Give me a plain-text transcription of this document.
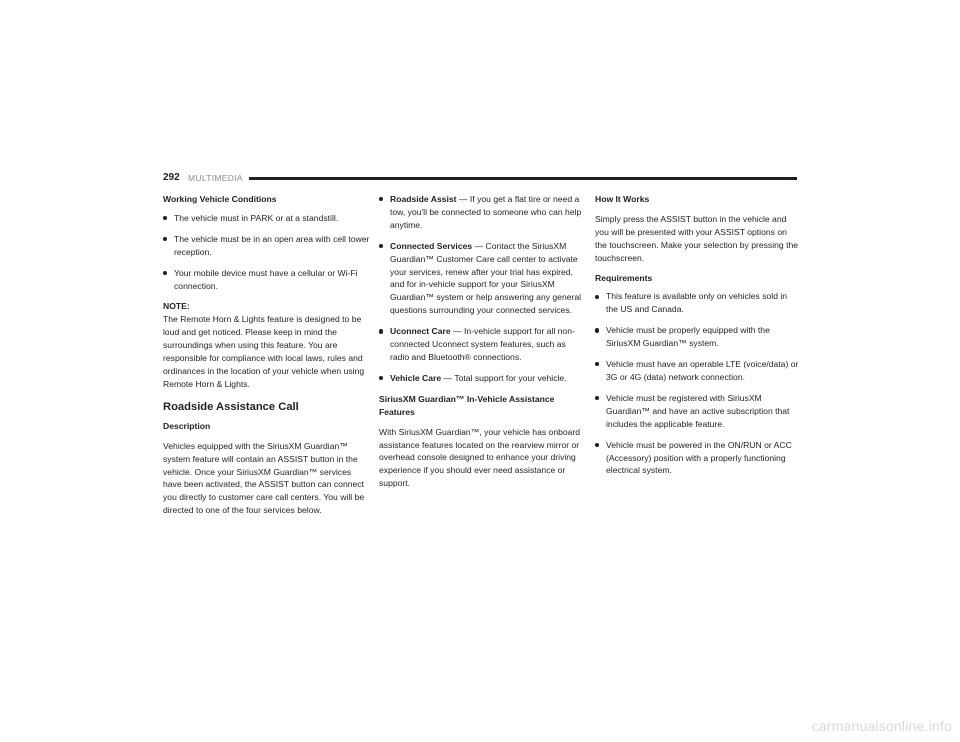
292 MULTIMEDIA

Working Vehicle Conditions

The vehicle must in PARK or at a standstill.
The vehicle must be in an open area with cell tower reception.
Your mobile device must have a cellular or Wi-Fi connection.

NOTE:

The Remote Horn & Lights feature is designed to be loud and get noticed. Please keep in mind the surroundings when using this feature. You are responsible for compliance with local laws, rules and ordinances in the location of your vehicle when using Remote Horn & Lights.

Roadside Assistance Call

Description

Vehicles equipped with the SiriusXM Guardian™ system feature will contain an ASSIST button in the vehicle. Once your SiriusXM Guardian™ services have been activated, the ASSIST button can connect you directly to customer care call centers. You will be directed to one of the four services below.

Roadside Assist — If you get a flat tire or need a tow, you'll be connected to someone who can help anytime.
Connected Services — Contact the SiriusXM Guardian™ Customer Care call center to activate your services, renew after your trial has expired, and for in-vehicle support for your SiriusXM Guardian™ system or help answering any general questions surrounding your connected services.
Uconnect Care — In-vehicle support for all non-connected Uconnect system features, such as radio and Bluetooth® connections.
Vehicle Care — Total support for your vehicle.

SiriusXM Guardian™ In-Vehicle Assistance Features

With SiriusXM Guardian™, your vehicle has onboard assistance features located on the rearview mirror or overhead console designed to enhance your driving experience if you should ever need assistance or support.

How It Works

Simply press the ASSIST button in the vehicle and you will be presented with your ASSIST options on the touchscreen. Make your selection by pressing the touchscreen.

Requirements

This feature is available only on vehicles sold in the US and Canada.
Vehicle must be properly equipped with the SiriusXM Guardian™ system.
Vehicle must have an operable LTE (voice/data) or 3G or 4G (data) network connection.
Vehicle must be registered with SiriusXM Guardian™ and have an active subscription that includes the applicable feature.
Vehicle must be powered in the ON/RUN or ACC (Accessory) position with a properly functioning electrical system.
carmanualsonline.info
